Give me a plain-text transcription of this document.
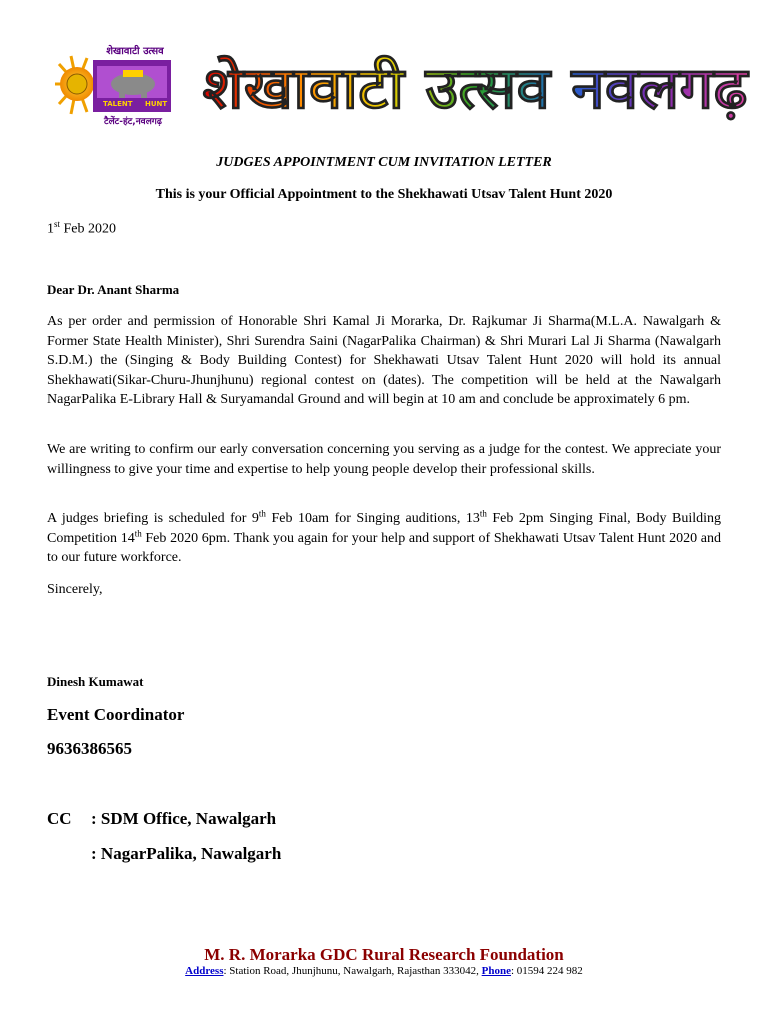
शेखावाटी उत्सव
TALENT HUNT
टैलेंट-हंट,नवलगढ़ शेखावाटी उत्सव नवलगढ़
JUDGES APPOINTMENT CUM INVITATION LETTER
This is your Official Appointment to the Shekhawati Utsav Talent Hunt 2020
1st Feb 2020
Dear Dr. Anant Sharma
As per order and permission of Honorable Shri Kamal Ji Morarka, Dr. Rajkumar Ji Sharma(M.L.A. Nawalgarh & Former State Health Minister), Shri Surendra Saini (NagarPalika Chairman) & Shri Murari Lal Ji Sharma (Nawalgarh S.D.M.) the (Singing & Body Building Contest) for Shekhawati Utsav Talent Hunt 2020 will hold its annual Shekhawati(Sikar-Churu-Jhunjhunu) regional contest on (dates). The competition will be held at the Nawalgarh NagarPalika E-Library Hall & Suryamandal Ground and will begin at 10 am and conclude be approximately 6 pm.
We are writing to confirm our early conversation concerning you serving as a judge for the contest. We appreciate your willingness to give your time and expertise to help young people develop their professional skills.
A judges briefing is scheduled for 9th Feb 10am for Singing auditions, 13th Feb 2pm Singing Final, Body Building Competition 14th Feb 2020 6pm. Thank you again for your help and support of Shekhawati Utsav Talent Hunt 2020 and to our future workforce.
Sincerely,
Dinesh Kumawat
Event Coordinator
9636386565
CC : SDM Office, Nawalgarh
: NagarPalika, Nawalgarh
M. R. Morarka GDC Rural Research Foundation
Address: Station Road, Jhunjhunu, Nawalgarh, Rajasthan 333042, Phone: 01594 224 982
